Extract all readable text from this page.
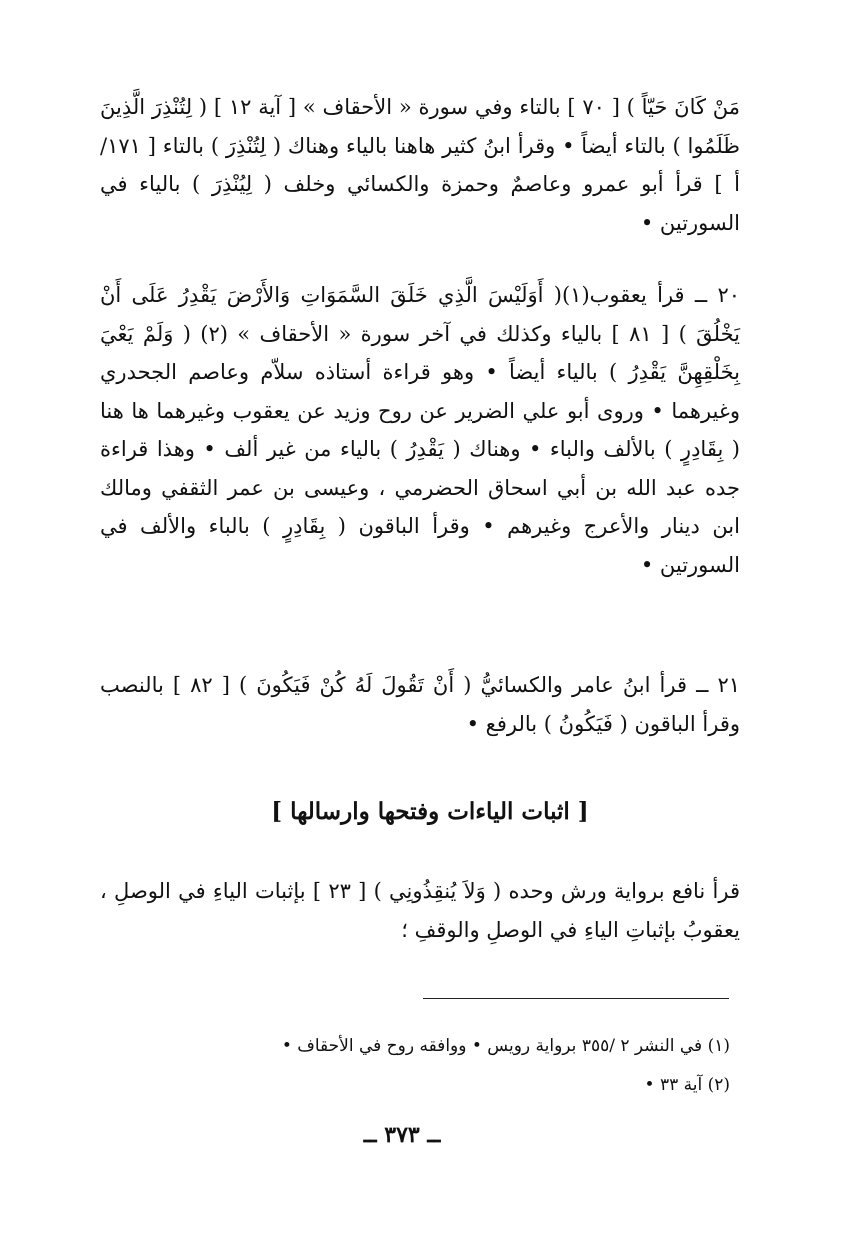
مَنْ كَانَ حَيّاً ) [ ٧٠ ] بالتاء وفي سورة « الأحقاف » [ آية ١٢ ] ( لِتُنْذِرَ الَّذِينَ ظَلَمُوا ) بالتاء أيضاً • وقرأ ابنُ كثير هاهنا بالياء وهناك ( لِتُنْذِرَ ) بالتاء [ ١٧١/أ ] قرأ أبو عمرو وعاصمٌ وحمزة والكسائي وخلف ( لِيُنْذِرَ ) بالياء في السورتين •

٢٠ ــ قرأ يعقوب(١)( أَوَلَيْسَ الَّذِي خَلَقَ السَّمَوَاتِ وَالأَرْضَ يَقْدِرُ عَلَى أَنْ يَخْلُقَ ) [ ٨١ ] بالياء وكذلك في آخر سورة « الأحقاف » (٢) ( وَلَمْ يَعْيَ بِخَلْقِهِنَّ يَقْدِرُ ) بالياء أيضاً • وهو قراءة أستاذه سلاّم وعاصم الجحدري وغيرهما • وروى أبو علي الضرير عن روح وزيد عن يعقوب وغيرهما ها هنا ( بِقَادِرٍ ) بالألف والباء • وهناك ( يَقْدِرُ ) بالياء من غير ألف • وهذا قراءة جده عبد الله بن أبي اسحاق الحضرمي ، وعيسى بن عمر الثقفي ومالك ابن دينار والأعرج وغيرهم • وقرأ الباقون ( بِقَادِرٍ ) بالباء والألف في السورتين •

٢١ ــ قرأ ابنُ عامر والكسائيُّ ( أَنْ تَقُولَ لَهُ كُنْ فَيَكُونَ ) [ ٨٢ ] بالنصب وقرأ الباقون ( فَيَكُونُ ) بالرفع •

[ اثبات الياءات وفتحها وارسالها ]

قرأ نافع برواية ورش وحده ( وَلاَ يُنقِذُونِي ) [ ٢٣ ] بإثبات الياءِ في الوصلِ ، يعقوبُ بإثباتِ الياءِ في الوصلِ والوقفِ ؛

(١) في النشر ٢ /٣٥٥ برواية رويس • ووافقه روح في الأحقاف •

(٢) آية ٣٣ •

ــ ٣٧٣ ــ
